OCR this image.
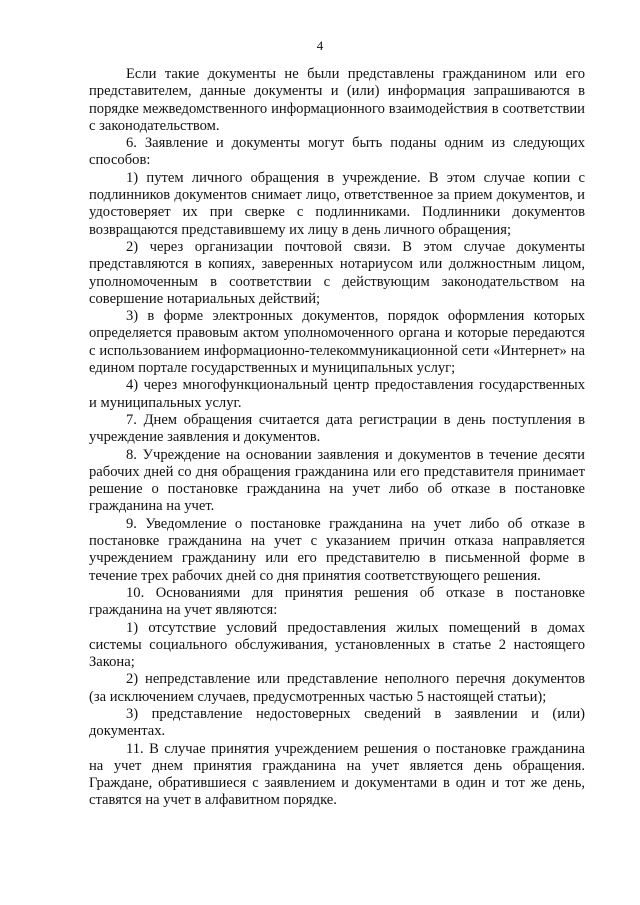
4

Если такие документы не были представлены гражданином или его представителем, данные документы и (или) информация запрашиваются в порядке межведомственного информационного взаимодействия в соответствии с законодательством.

6. Заявление и документы могут быть поданы одним из следующих способов:

1) путем личного обращения в учреждение. В этом случае копии с подлинников документов снимает лицо, ответственное за прием документов, и удостоверяет их при сверке с подлинниками. Подлинники документов возвращаются представившему их лицу в день личного обращения;

2) через организации почтовой связи. В этом случае документы представляются в копиях, заверенных нотариусом или должностным лицом, уполномоченным в соответствии с действующим законодательством на совершение нотариальных действий;

3) в форме электронных документов, порядок оформления которых определяется правовым актом уполномоченного органа и которые передаются с использованием информационно-телекоммуникационной сети «Интернет» на едином портале государственных и муниципальных услуг;

4) через многофункциональный центр предоставления государственных и муниципальных услуг.

7. Днем обращения считается дата регистрации в день поступления в учреждение заявления и документов.

8. Учреждение на основании заявления и документов в течение десяти рабочих дней со дня обращения гражданина или его представителя принимает решение о постановке гражданина на учет либо об отказе в постановке гражданина на учет.

9. Уведомление о постановке гражданина на учет либо об отказе в постановке гражданина на учет с указанием причин отказа направляется учреждением гражданину или его представителю в письменной форме в течение трех рабочих дней со дня принятия соответствующего решения.

10. Основаниями для принятия решения об отказе в постановке гражданина на учет являются:

1) отсутствие условий предоставления жилых помещений в домах системы социального обслуживания, установленных в статье 2 настоящего Закона;

2) непредставление или представление неполного перечня документов (за исключением случаев, предусмотренных частью 5 настоящей статьи);

3) представление недостоверных сведений в заявлении и (или) документах.

11. В случае принятия учреждением решения о постановке гражданина на учет днем принятия гражданина на учет является день обращения. Граждане, обратившиеся с заявлением и документами в один и тот же день, ставятся на учет в алфавитном порядке.
